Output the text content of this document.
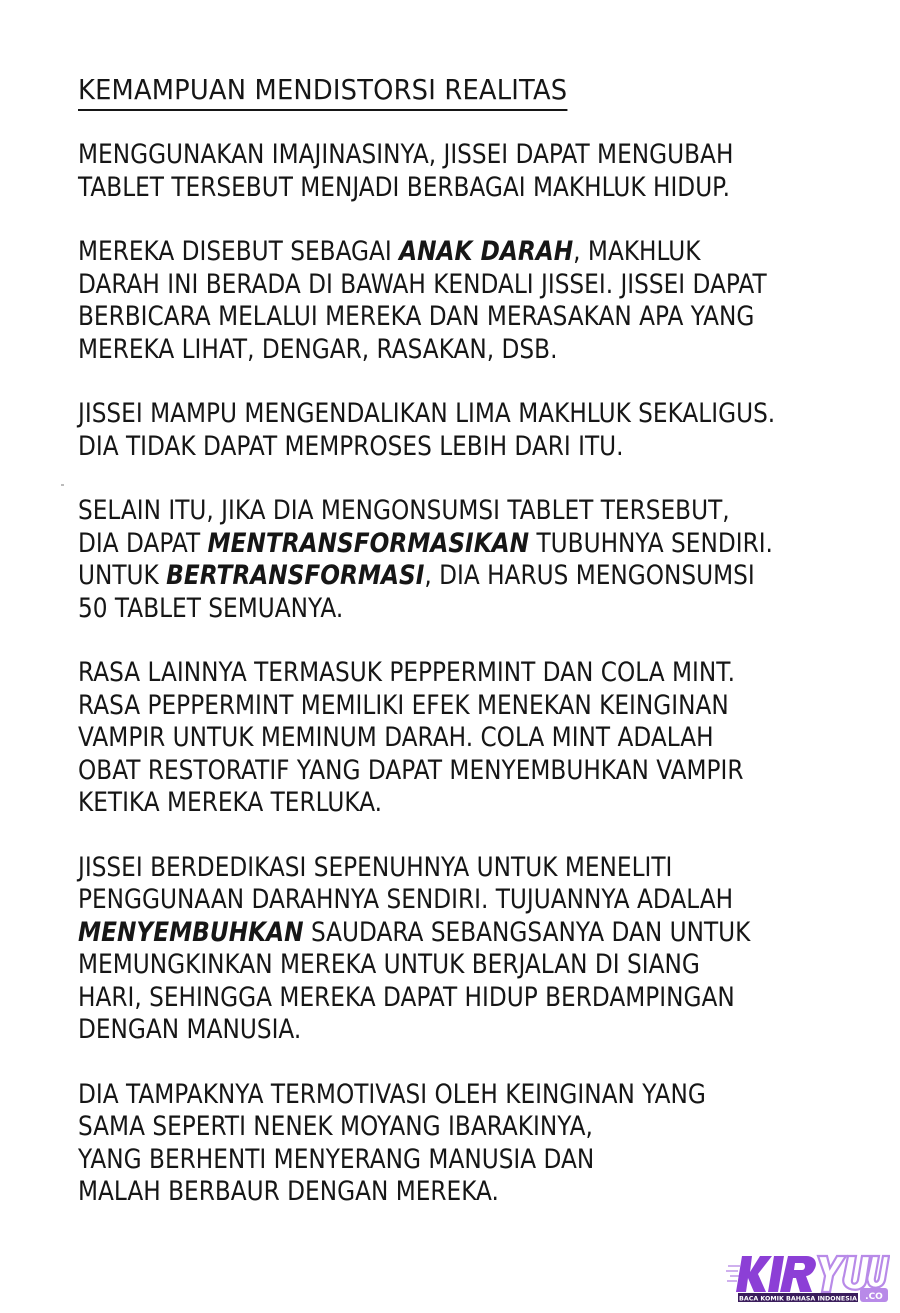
KEMAMPUAN MENDISTORSI REALITAS
MENGGUNAKAN IMAJINASINYA, JISSEI DAPAT MENGUBAH
TABLET TERSEBUT MENJADI BERBAGAI MAKHLUK HIDUP.
MEREKA DISEBUT SEBAGAI ANAK DARAH, MAKHLUK
DARAH INI BERADA DI BAWAH KENDALI JISSEI. JISSEI DAPAT
BERBICARA MELALUI MEREKA DAN MERASAKAN APA YANG
MEREKA LIHAT, DENGAR, RASAKAN, DSB.
JISSEI MAMPU MENGENDALIKAN LIMA MAKHLUK SEKALIGUS.
DIA TIDAK DAPAT MEMPROSES LEBIH DARI ITU.
SELAIN ITU, JIKA DIA MENGONSUMSI TABLET TERSEBUT,
DIA DAPAT MENTRANSFORMASIKAN TUBUHNYA SENDIRI.
UNTUK BERTRANSFORMASI, DIA HARUS MENGONSUMSI
50 TABLET SEMUANYA.
RASA LAINNYA TERMASUK PEPPERMINT DAN COLA MINT.
RASA PEPPERMINT MEMILIKI EFEK MENEKAN KEINGINAN
VAMPIR UNTUK MEMINUM DARAH. COLA MINT ADALAH
OBAT RESTORATIF YANG DAPAT MENYEMBUHKAN VAMPIR
KETIKA MEREKA TERLUKA.
JISSEI BERDEDIKASI SEPENUHNYA UNTUK MENELITI
PENGGUNAAN DARAHNYA SENDIRI. TUJUANNYA ADALAH
MENYEMBUHKAN SAUDARA SEBANGSANYA DAN UNTUK
MEMUNGKINKAN MEREKA UNTUK BERJALAN DI SIANG
HARI, SEHINGGA MEREKA DAPAT HIDUP BERDAMPINGAN
DENGAN MANUSIA.
DIA TAMPAKNYA TERMOTIVASI OLEH KEINGINAN YANG
SAMA SEPERTI NENEK MOYANG IBARAKINYA,
YANG BERHENTI MENYERANG MANUSIA DAN
MALAH BERBAUR DENGAN MEREKA.
BACA KOMIK BAHASA INDONESIA .CO
